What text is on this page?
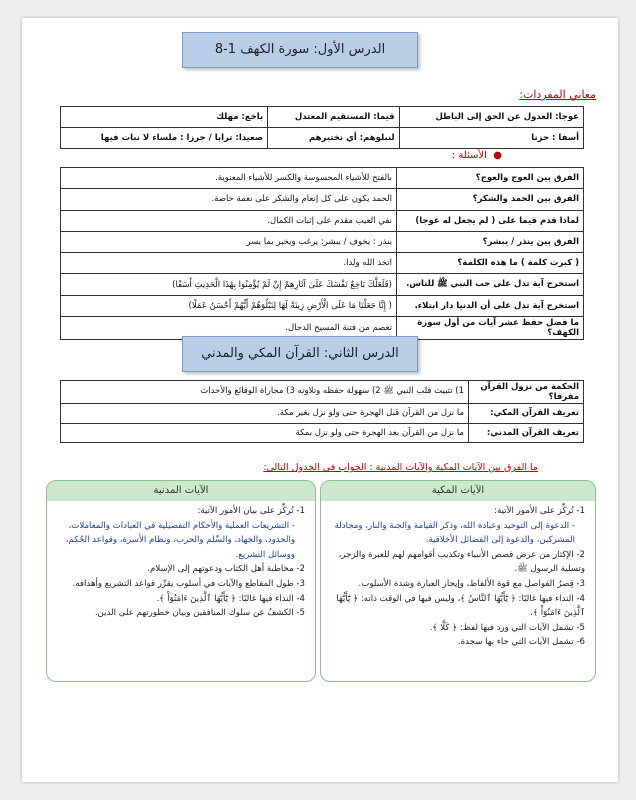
الدرس الأول: سورة الكهف 1-8
معاني المفردات:
عوجا: العدول عن الحق إلى الباطل	قيما: المستقيم المعتدل	باخع: مهلك
أسفا : حزنا	لنبلوهم: أي نختبرهم	صعيدا: ترابا / جرزا : ملساء لا نبات فيها
●  الأسئلة :
الفرق بين العوج والعوج؟	بالفتح للأشياء المحسوسة والكسر للأشياء المعنوية.
الفرق بين الحمد والشكر؟	الحمد يكون على كل إنعام والشكر على نعمة خاصة.
لماذا قدم قيما على ( لم يجعل له عوجا)	نفي العيب مقدم على إثبات الكمال.
الفرق بين ينذر / يبشر؟	ينذر : يخوف / يبشر: يرغب ويخبر بما يسر
( كبرت كلمة ) ما هذه الكلمة؟	اتخذ الله ولدا.
استخرج آية تدل على حب النبي ﷺ للناس.	(فَلَعَلَّكَ بَاخِعٌ نَفْسَكَ عَلَىٰ آثَارِهِمْ إِنْ لَمْ يُؤْمِنُوا بِهَٰذَا الْحَدِيثِ أَسَفًا)
استخرج آية تدل على أن الدنيا دار ابتلاء.	( إِنَّا جَعَلْنَا مَا عَلَى الْأَرْضِ زِينَةً لَهَا لِنَبْلُوَهُمْ أَيُّهُمْ أَحْسَنُ عَمَلًا)
ما فضل حفظ عشر آيات من أول سورة الكهف؟	تعصم من فتنة المسيح الدجال.
الدرس الثاني: القرآن المكي والمدني
الحكمة من نزول القرآن مفرقا؟	1) تثبيت قلب النبي ﷺ 2) سهولة حفظه وتلاوته 3) مجاراة الوقائع والأحداث
تعريف القرآن المكي:	ما نزل من القرآن قبل الهجرة حتى ولو نزل بغير مكة.
تعريف القرآن المدني:	ما نزل من القرآن بعد الهجرة حتى ولو نزل بمكة
ما الفرق بين الآيات المكية والآيات المدنية : الجواب في الجدول التالي:
الآيات المكية
1- تُركِّز على الأمور الآتية:
- الدعوة إلى التوحيد وعبادة الله، وذكر القيامة والجنة والنار، ومجادلة المشركين، والدعوة إلى الفضائل الأخلاقية.
2- الإكثار من عرض قصص الأنبياء وتكذيب أقوامهم لهم للعبرة والزجر، وتسلية الرسول ﷺ.
3- قِصرُ الفواصل مع قوة الألفاظ، وإيجاز العبارة وشدة الأسلوب.
4- النداء فيها غالبًا: ﴿ يَٰٓأَيُّهَا ٱلنَّاسُ ﴾، وليس فيها في الوقت ذاته: ﴿ يَٰٓأَيُّهَا ٱلَّذِينَ ءَامَنُوٓاْ ﴾.
5- تشمل الآيات التي ورد فيها لفظ: ﴿ كَلَّا ﴾.
6- تشمل الآيات التي جاء بها سجدة.
الآيات المدنية
1- تُركِّز على بيان الأمور الآتية:
- التشريعات العملية والأحكام التفصيلية في العبادات والمعاملات، والحدود، والجهاد، والسِّلم والحرب، ونظام الأسرة، وقواعد الحُكم، ووسائل التشريع.
2- مخاطبة أهل الكتاب ودعوتهم إلى الإسلام.
3- طول المقاطع والآيات في أسلوب يقرِّر قواعد التشريع وأهدافه.
4- النداء فيها غالبًا: ﴿ يَٰٓأَيُّهَا ٱلَّذِينَ ءَامَنُوٓاْ ﴾.
5- الكشفُ عن سلوك المنافقين وبيان خطورتهم على الدين.
